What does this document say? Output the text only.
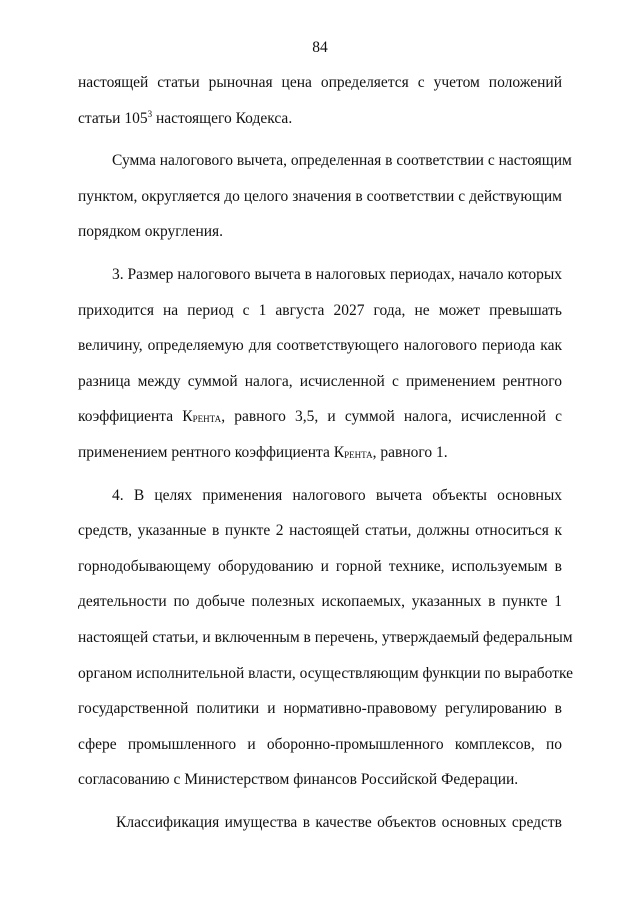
84
настоящей статьи рыночная цена определяется с учетом положений
статьи $105^3$ настоящего Кодекса.
Сумма налогового вычета, определенная в соответствии с настоящим
пунктом, округляется до целого значения в соответствии с действующим
порядком округления.
3. Размер налогового вычета в налоговых периодах, начало которых
приходится на период с 1 августа 2027 года, не может превышать
величину, определяемую для соответствующего налогового периода как
разница между суммой налога, исчисленной с применением рентного
коэффициента $К_{РЕНТА}$, равного 3,5, и суммой налога, исчисленной с
применением рентного коэффициента $К_{РЕНТА}$, равного 1.
4. В целях применения налогового вычета объекты основных
средств, указанные в пункте 2 настоящей статьи, должны относиться к
горнодобывающему оборудованию и горной технике, используемым в
деятельности по добыче полезных ископаемых, указанных в пункте 1
настоящей статьи, и включенным в перечень, утверждаемый федеральным
органом исполнительной власти, осуществляющим функции по выработке
государственной политики и нормативно-правовому регулированию в
сфере промышленного и оборонно-промышленного комплексов, по
согласованию с Министерством финансов Российской Федерации.
Классификация имущества в качестве объектов основных средств
